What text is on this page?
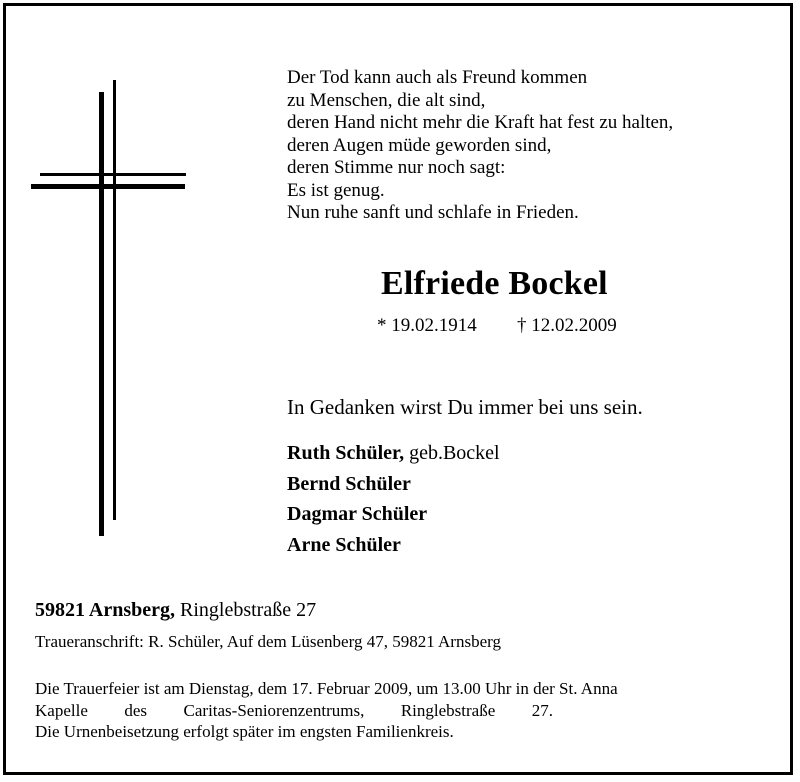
Der Tod kann auch als Freund kommen
zu Menschen, die alt sind,
deren Hand nicht mehr die Kraft hat fest zu halten,
deren Augen müde geworden sind,
deren Stimme nur noch sagt:
Es ist genug.
Nun ruhe sanft und schlafe in Frieden.
Elfriede Bockel
* 19.02.1914 † 12.02.2009
In Gedanken wirst Du immer bei uns sein.
Ruth Schüler, geb.Bockel
Bernd Schüler
Dagmar Schüler
Arne Schüler
59821 Arnsberg, Ringlebstraße 27
Traueranschrift: R. Schüler, Auf dem Lüsenberg 47, 59821 Arnsberg
Die Trauerfeier ist am Dienstag, dem 17. Februar 2009, um 13.00 Uhr in der St. Anna
Kapelle des Caritas-Seniorenzentrums, Ringlebstraße 27.
Die Urnenbeisetzung erfolgt später im engsten Familienkreis.
